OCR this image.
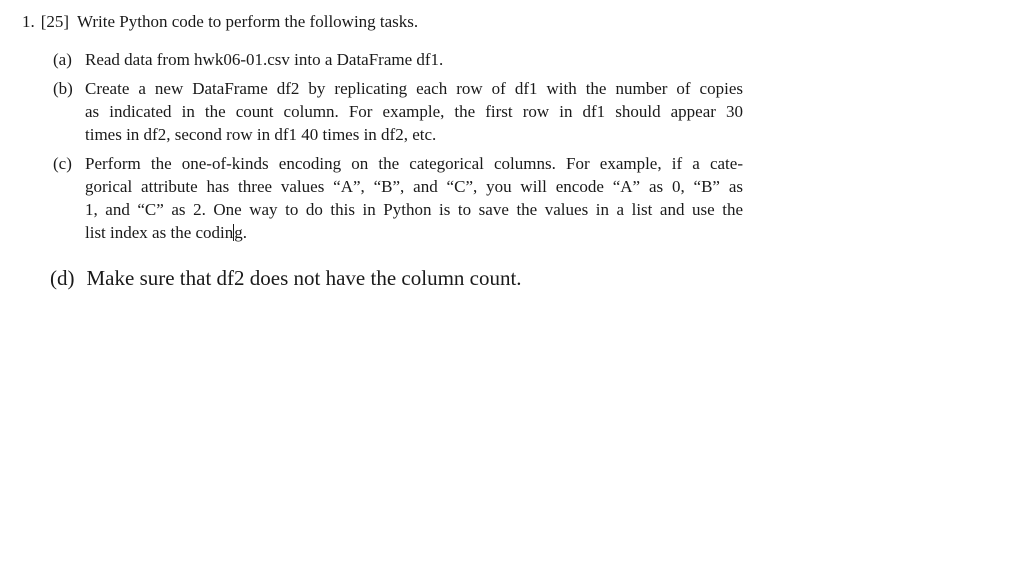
1. [25] Write Python code to perform the following tasks.
(a) Read data from hwk06-01.csv into a DataFrame df1.
(b) Create a new DataFrame df2 by replicating each row of df1 with the number of copies
as indicated in the count column. For example, the first row in df1 should appear 30
times in df2, second row in df1 40 times in df2, etc.
(c) Perform the one-of-kinds encoding on the categorical columns. For example, if a cate-
gorical attribute has three values “A”, “B”, and “C”, you will encode “A” as 0, “B” as
1, and “C” as 2. One way to do this in Python is to save the values in a list and use the
list index as the coding.
(d) Make sure that df2 does not have the column count.
